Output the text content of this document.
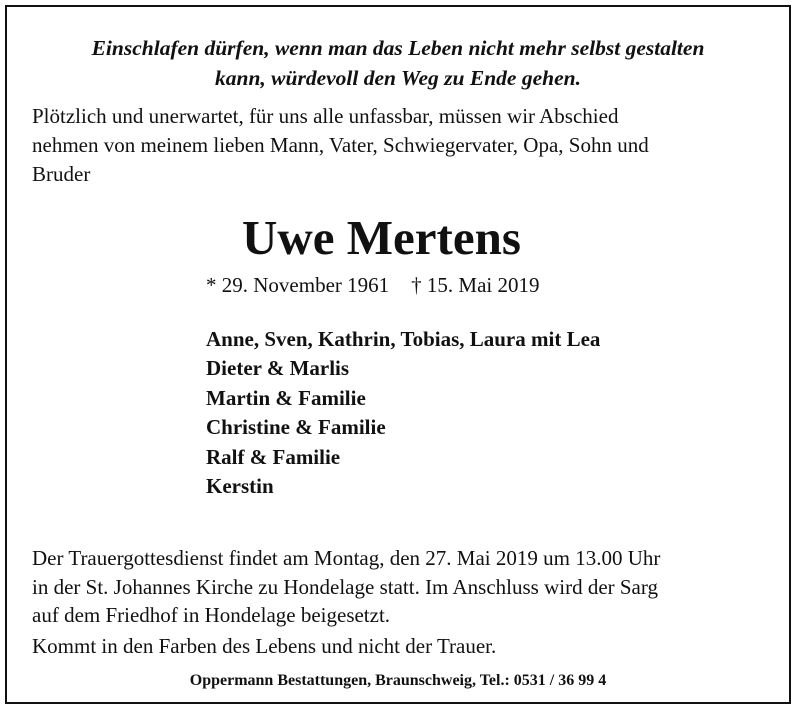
Einschlafen dürfen, wenn man das Leben nicht mehr selbst gestalten
kann, würdevoll den Weg zu Ende gehen.
Plötzlich und unerwartet, für uns alle unfassbar, müssen wir Abschied
nehmen von meinem lieben Mann, Vater, Schwiegervater, Opa, Sohn und
Bruder
Uwe Mertens
* 29. November 1961 † 15. Mai 2019
Anne, Sven, Kathrin, Tobias, Laura mit Lea
Dieter & Marlis
Martin & Familie
Christine & Familie
Ralf & Familie
Kerstin
Der Trauergottesdienst findet am Montag, den 27. Mai 2019 um 13.00 Uhr
in der St. Johannes Kirche zu Hondelage statt. Im Anschluss wird der Sarg
auf dem Friedhof in Hondelage beigesetzt.
Kommt in den Farben des Lebens und nicht der Trauer.
Oppermann Bestattungen, Braunschweig, Tel.: 0531 / 36 99 4
